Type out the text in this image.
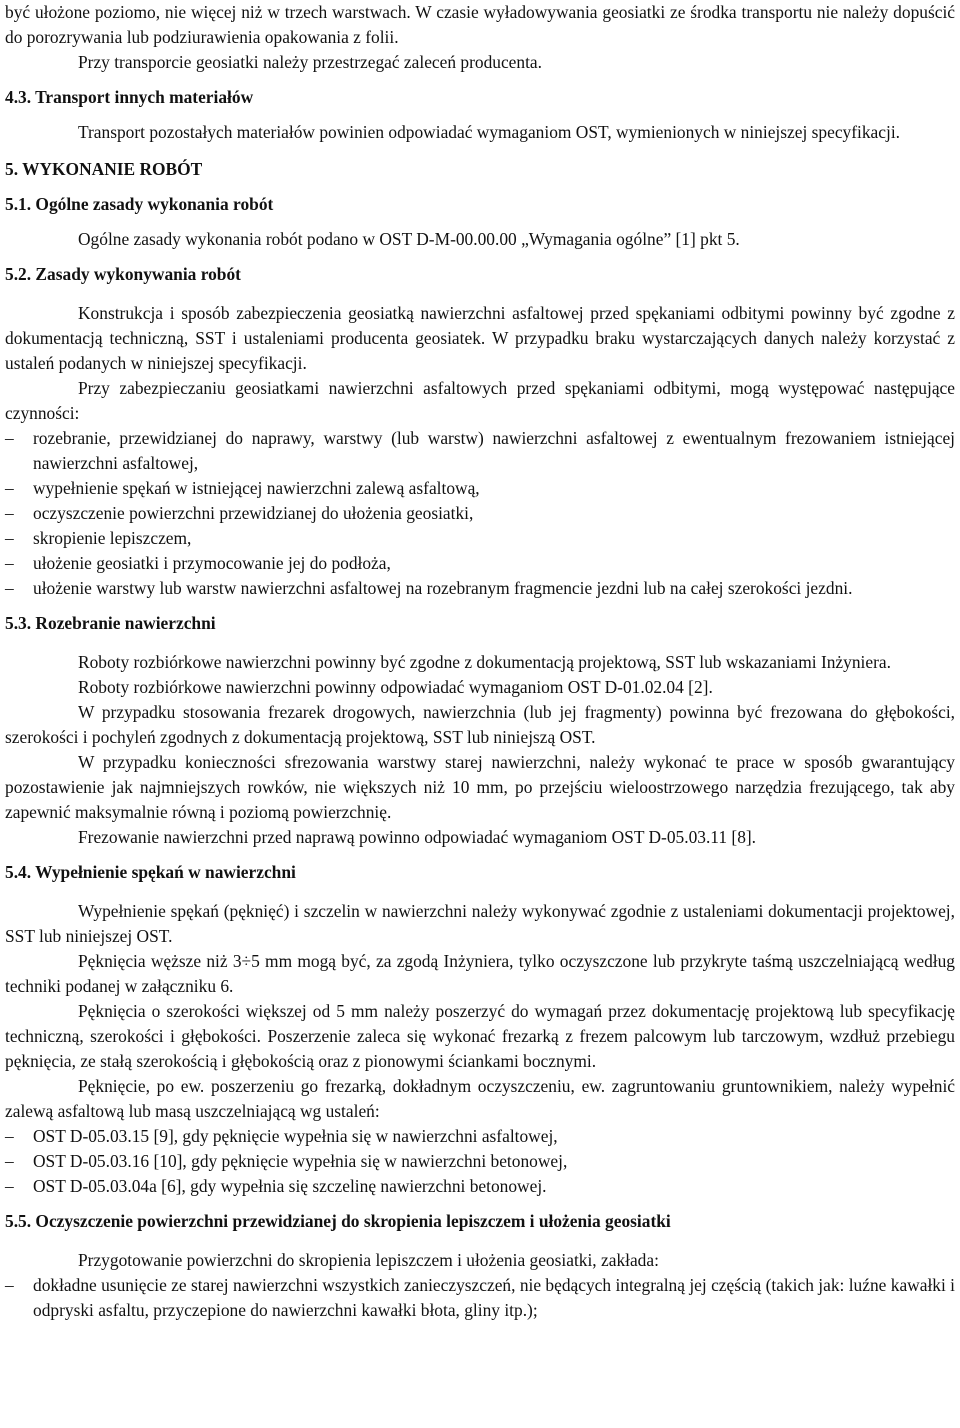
być ułożone poziomo, nie więcej niż w trzech warstwach. W czasie wyładowywania geosiatki ze środka transportu nie należy dopuścić do porozrywania lub podziurawienia opakowania z folii.

Przy transporcie geosiatki należy przestrzegać zaleceń producenta.

4.3. Transport innych materiałów

Transport pozostałych materiałów powinien odpowiadać wymaganiom OST, wymienionych w niniejszej specyfikacji.

5. WYKONANIE ROBÓT

5.1. Ogólne zasady wykonania robót

Ogólne zasady wykonania robót podano w OST D-M-00.00.00 „Wymagania ogólne” [1] pkt 5.

5.2. Zasady wykonywania robót

Konstrukcja i sposób zabezpieczenia geosiatką nawierzchni asfaltowej przed spękaniami odbitymi powinny być zgodne z dokumentacją techniczną, SST i ustaleniami producenta geosiatek. W przypadku braku wystarczających danych należy korzystać z ustaleń podanych w niniejszej specyfikacji.

Przy zabezpieczaniu geosiatkami nawierzchni asfaltowych przed spękaniami odbitymi, mogą występować następujące czynności:

–
rozebranie, przewidzianej do naprawy, warstwy (lub warstw) nawierzchni asfaltowej z ewentualnym frezowaniem istniejącej nawierzchni asfaltowej,

–
wypełnienie spękań w istniejącej nawierzchni zalewą asfaltową,

–
oczyszczenie powierzchni przewidzianej do ułożenia geosiatki,

–
skropienie lepiszczem,

–
ułożenie geosiatki i przymocowanie jej do podłoża,

–
ułożenie warstwy lub warstw nawierzchni asfaltowej na rozebranym fragmencie jezdni lub na całej szerokości jezdni.

5.3. Rozebranie nawierzchni

Roboty rozbiórkowe nawierzchni powinny być zgodne z dokumentacją projektową, SST lub wskazaniami Inżyniera.

Roboty rozbiórkowe nawierzchni powinny odpowiadać wymaganiom OST D-01.02.04 [2].

W przypadku stosowania frezarek drogowych, nawierzchnia (lub jej fragmenty) powinna być frezowana do głębokości, szerokości i pochyleń zgodnych z dokumentacją projektową, SST lub niniejszą OST.

W przypadku konieczności sfrezowania warstwy starej nawierzchni, należy wykonać te prace w sposób gwarantujący pozostawienie jak najmniejszych rowków, nie większych niż 10 mm, po przejściu wieloostrzowego narzędzia frezującego, tak aby zapewnić maksymalnie równą i poziomą powierzchnię.

Frezowanie nawierzchni przed naprawą powinno odpowiadać wymaganiom OST D-05.03.11 [8].

5.4. Wypełnienie spękań w nawierzchni

Wypełnienie spękań (pęknięć) i szczelin w nawierzchni należy wykonywać zgodnie z ustaleniami dokumentacji projektowej, SST lub niniejszej OST.

Pęknięcia węższe niż 3÷5 mm mogą być, za zgodą Inżyniera, tylko oczyszczone lub przykryte taśmą uszczelniającą według techniki podanej w załączniku 6.

Pęknięcia o szerokości większej od 5 mm należy poszerzyć do wymagań przez dokumentację projektową lub specyfikację techniczną, szerokości i głębokości. Poszerzenie zaleca się wykonać frezarką z frezem palcowym lub tarczowym, wzdłuż przebiegu pęknięcia, ze stałą szerokością i głębokością oraz z pionowymi ściankami bocznymi.

Pęknięcie, po ew. poszerzeniu go frezarką, dokładnym oczyszczeniu, ew. zagruntowaniu gruntownikiem, należy wypełnić zalewą asfaltową lub masą uszczelniającą wg ustaleń:

–
OST D-05.03.15 [9], gdy pęknięcie wypełnia się w nawierzchni asfaltowej,

–
OST D-05.03.16 [10], gdy pęknięcie wypełnia się w nawierzchni betonowej,

–
OST D-05.03.04a [6], gdy wypełnia się szczelinę nawierzchni betonowej.

5.5. Oczyszczenie powierzchni przewidzianej do skropienia lepiszczem i ułożenia geosiatki

Przygotowanie powierzchni do skropienia lepiszczem i ułożenia geosiatki, zakłada:

–
dokładne usunięcie ze starej nawierzchni wszystkich zanieczyszczeń, nie będących integralną jej częścią (takich jak: luźne kawałki i odpryski asfaltu, przyczepione do nawierzchni kawałki błota, gliny itp.);
